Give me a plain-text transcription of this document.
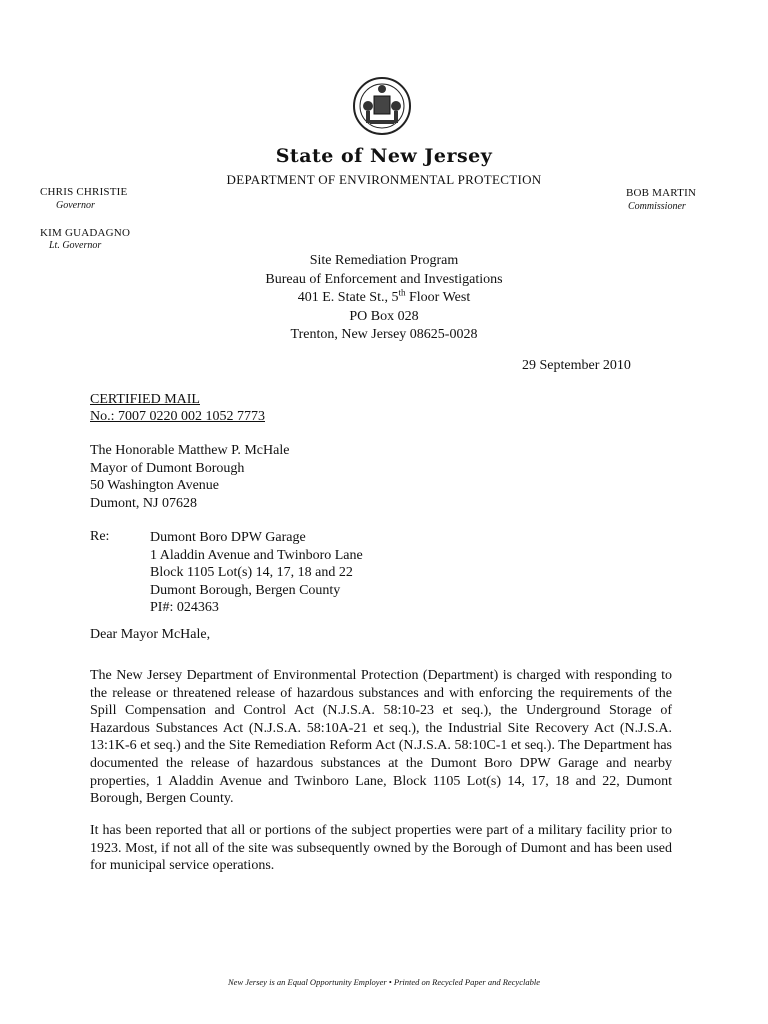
State of New Jersey
DEPARTMENT OF ENVIRONMENTAL PROTECTION
CHRIS CHRISTIE
Governor
KIM GUADAGNO
Lt. Governor
BOB MARTIN
Commissioner
Site Remediation Program
Bureau of Enforcement and Investigations
401 E. State St., 5th Floor West
PO Box 028
Trenton, New Jersey 08625-0028
29 September 2010
CERTIFIED MAIL
No.: 7007 0220 002 1052 7773
The Honorable Matthew P. McHale
Mayor of Dumont Borough
50 Washington Avenue
Dumont, NJ 07628
Re:	Dumont Boro DPW Garage
1 Aladdin Avenue and Twinboro Lane
Block 1105 Lot(s) 14, 17, 18 and 22
Dumont Borough, Bergen County
PI#: 024363
Dear Mayor McHale,
The New Jersey Department of Environmental Protection (Department) is charged with responding to the release or threatened release of hazardous substances and with enforcing the requirements of the Spill Compensation and Control Act (N.J.S.A. 58:10-23 et seq.), the Underground Storage of Hazardous Substances Act (N.J.S.A. 58:10A-21 et seq.), the Industrial Site Recovery Act (N.J.S.A. 13:1K-6 et seq.) and the Site Remediation Reform Act (N.J.S.A. 58:10C-1 et seq.). The Department has documented the release of hazardous substances at the Dumont Boro DPW Garage and nearby properties, 1 Aladdin Avenue and Twinboro Lane, Block 1105 Lot(s) 14, 17, 18 and 22, Dumont Borough, Bergen County.
It has been reported that all or portions of the subject properties were part of a military facility prior to 1923. Most, if not all of the site was subsequently owned by the Borough of Dumont and has been used for municipal service operations.
New Jersey is an Equal Opportunity Employer • Printed on Recycled Paper and Recyclable
